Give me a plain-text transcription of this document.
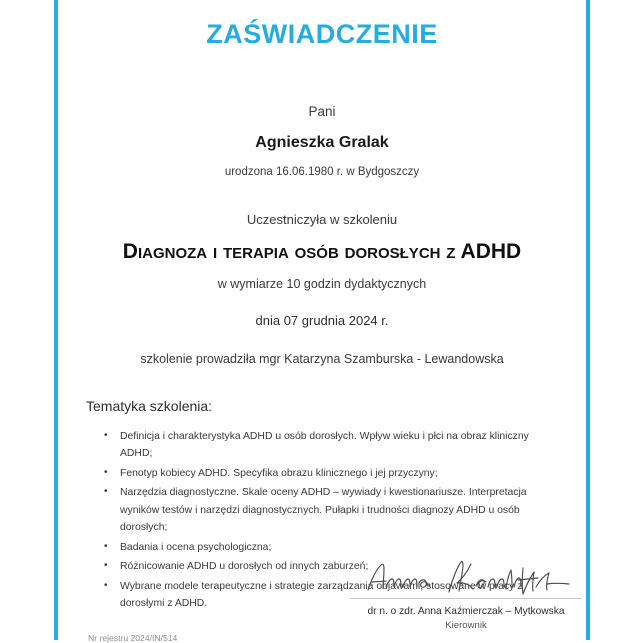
ZAŚWIADCZENIE
Pani
Agnieszka Gralak
urodzona 16.06.1980 r. w Bydgoszczy
Uczestniczyła w szkoleniu
Diagnoza i terapia osób dorosłych z ADHD
w wymiarze 10 godzin dydaktycznych
dnia 07 grudnia 2024 r.
szkolenie prowadziła mgr Katarzyna Szamburska - Lewandowska
Tematyka szkolenia:
• Definicja i charakterystyka ADHD u osób dorosłych. Wpływ wieku i płci na obraz kliniczny ADHD;
• Fenotyp kobiecy ADHD. Specyfika obrazu klinicznego i jej przyczyny;
• Narzędzia diagnostyczne. Skale oceny ADHD – wywiady i kwestionariusze. Interpretacja wyników testów i narzędzi diagnostycznych. Pułapki i trudności diagnozy ADHD u osób dorosłych;
• Badania i ocena psychologiczna;
• Różnicowanie ADHD u dorosłych od innych zaburzeń;
• Wybrane modele terapeutyczne i strategie zarządzania objawami, stosowane w pracy z dorosłymi z ADHD.
dr n. o zdr. Anna Kaźmierczak – Mytkowska
Kierownik
Nr rejestru 2024/IN/514
